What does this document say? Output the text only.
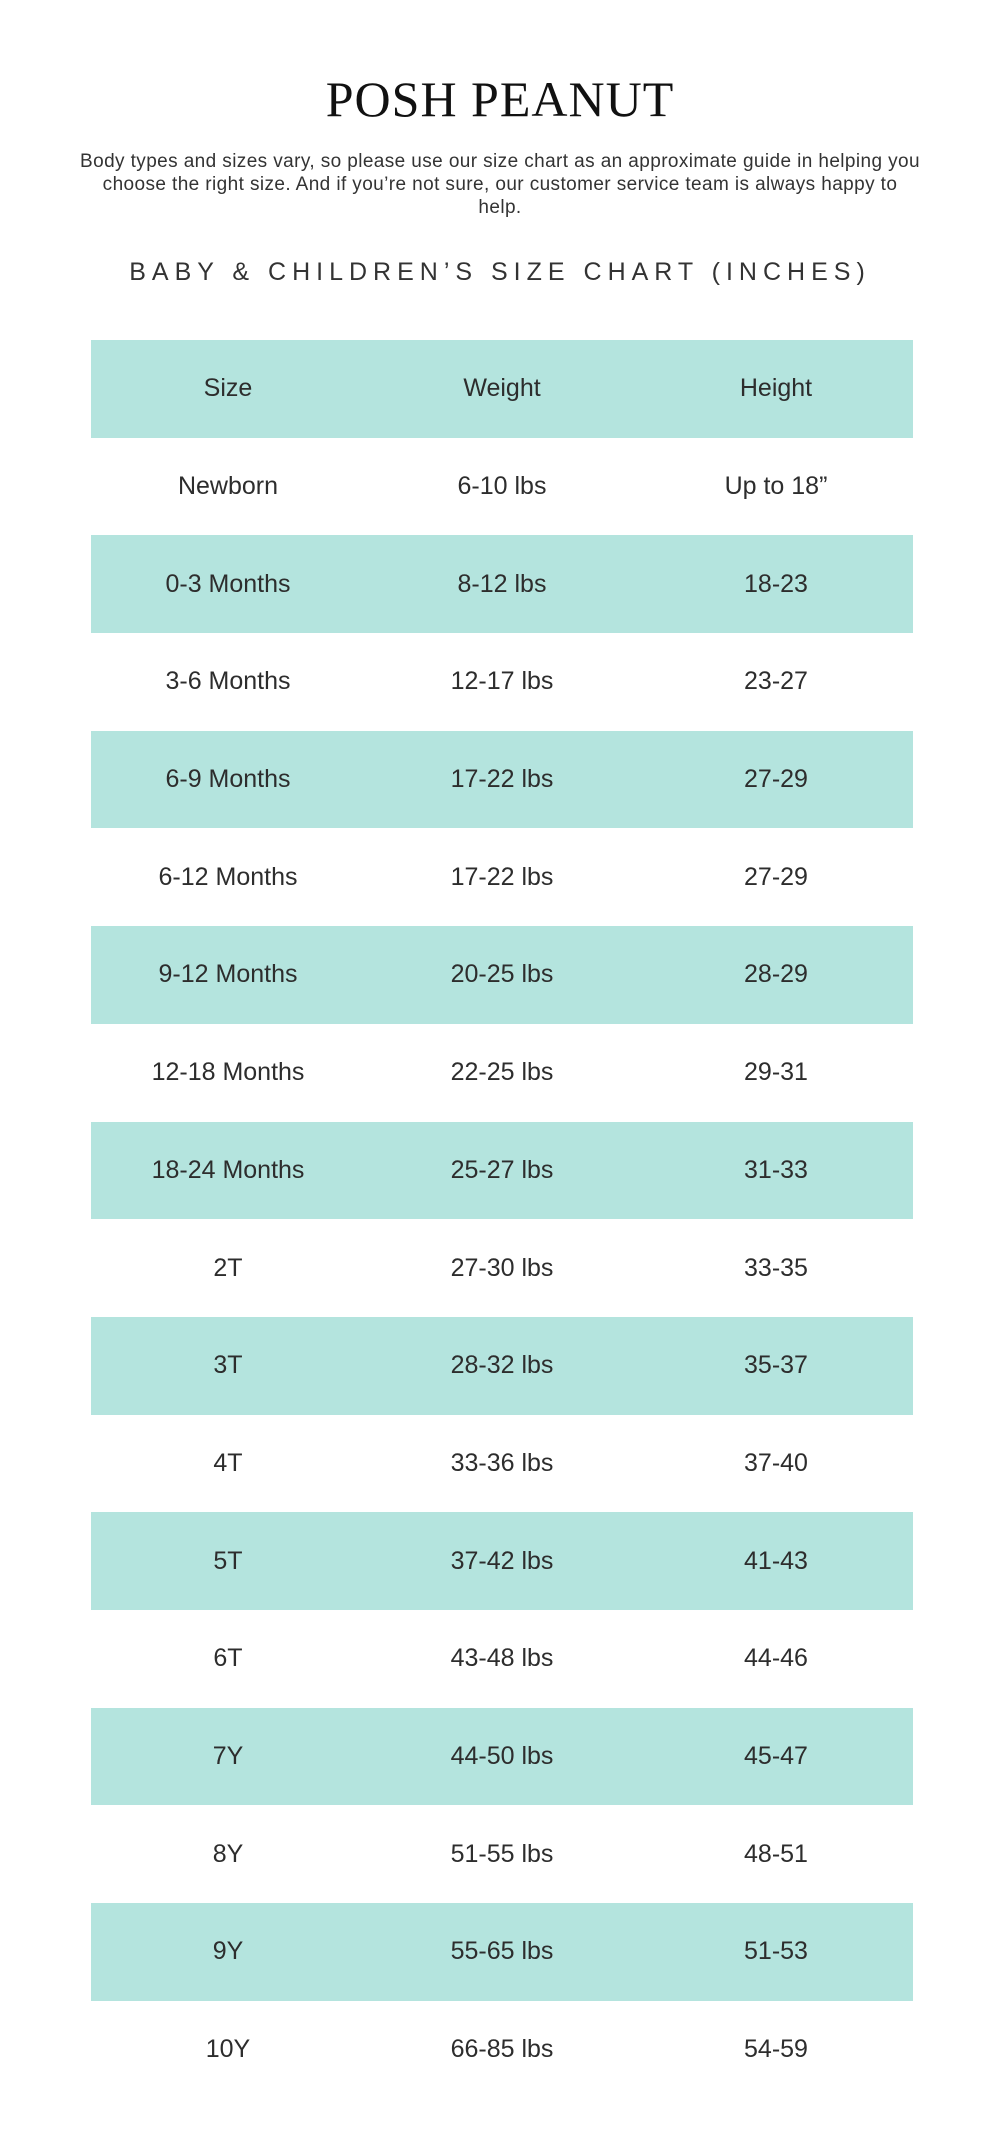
POSH PEANUT
Body types and sizes vary, so please use our size chart as an approximate guide in helping you choose the right size. And if you’re not sure, our customer service team is always happy to help.
BABY & CHILDREN’S SIZE CHART (INCHES)
Size	Weight	Height
Newborn	6-10 lbs	Up to 18”
0-3 Months	8-12 lbs	18-23
3-6 Months	12-17 lbs	23-27
6-9 Months	17-22 lbs	27-29
6-12 Months	17-22 lbs	27-29
9-12 Months	20-25 lbs	28-29
12-18 Months	22-25 lbs	29-31
18-24 Months	25-27 lbs	31-33
2T	27-30 lbs	33-35
3T	28-32 lbs	35-37
4T	33-36 lbs	37-40
5T	37-42 lbs	41-43
6T	43-48 lbs	44-46
7Y	44-50 lbs	45-47
8Y	51-55 lbs	48-51
9Y	55-65 lbs	51-53
10Y	66-85 lbs	54-59
